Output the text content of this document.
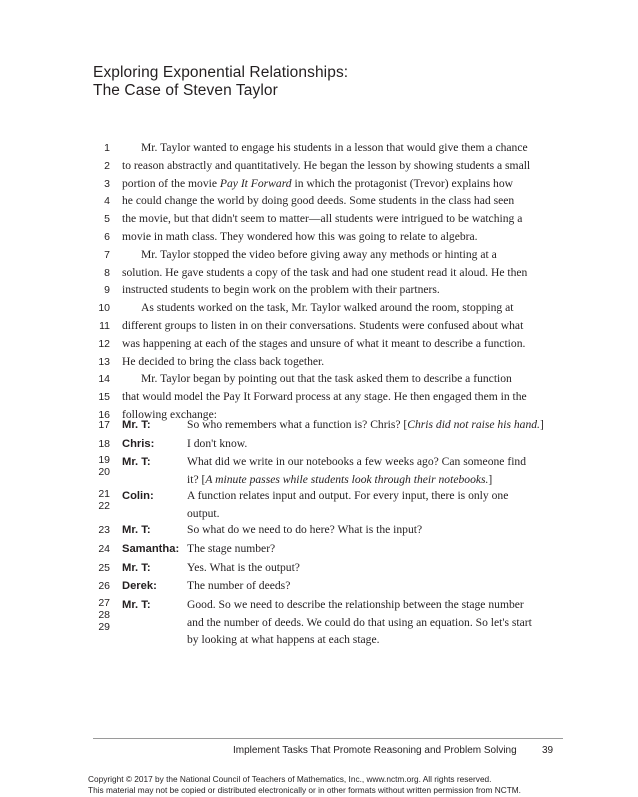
Exploring Exponential Relationships:
The Case of Steven Taylor
1	Mr. Taylor wanted to engage his students in a lesson that would give them a chance
2 to reason abstractly and quantitatively. He began the lesson by showing students a small
3 portion of the movie Pay It Forward in which the protagonist (Trevor) explains how
4 he could change the world by doing good deeds. Some students in the class had seen
5 the movie, but that didn't seem to matter—all students were intrigued to be watching a
6 movie in math class. They wondered how this was going to relate to algebra.
7	Mr. Taylor stopped the video before giving away any methods or hinting at a
8 solution. He gave students a copy of the task and had one student read it aloud. He then
9 instructed students to begin work on the problem with their partners.
10	As students worked on the task, Mr. Taylor walked around the room, stopping at
11 different groups to listen in on their conversations. Students were confused about what
12 was happening at each of the stages and unsure of what it meant to describe a function.
13 He decided to bring the class back together.
14	Mr. Taylor began by pointing out that the task asked them to describe a function
15 that would model the Pay It Forward process at any stage. He then engaged them in the
16 following exchange:
17 Mr. T:	So who remembers what a function is? Chris? [Chris did not raise his hand.]
18 Chris:	I don't know.
19
20
Mr. T:	What did we write in our notebooks a few weeks ago? Can someone find
it? [A minute passes while students look through their notebooks.]
21
22
Colin:	A function relates input and output. For every input, there is only one
output.
23 Mr. T:	So what do we need to do here? What is the input?
24 Samantha: The stage number?
25 Mr. T:	Yes. What is the output?
26 Derek:	The number of deeds?
27
28
29
Mr. T:	Good. So we need to describe the relationship between the stage number
and the number of deeds. We could do that using an equation. So let's start
by looking at what happens at each stage.
Implement Tasks That Promote Reasoning and Problem Solving	39
Copyright © 2017 by the National Council of Teachers of Mathematics, Inc., www.nctm.org. All rights reserved.
This material may not be copied or distributed electronically or in other formats without written permission from NCTM.
